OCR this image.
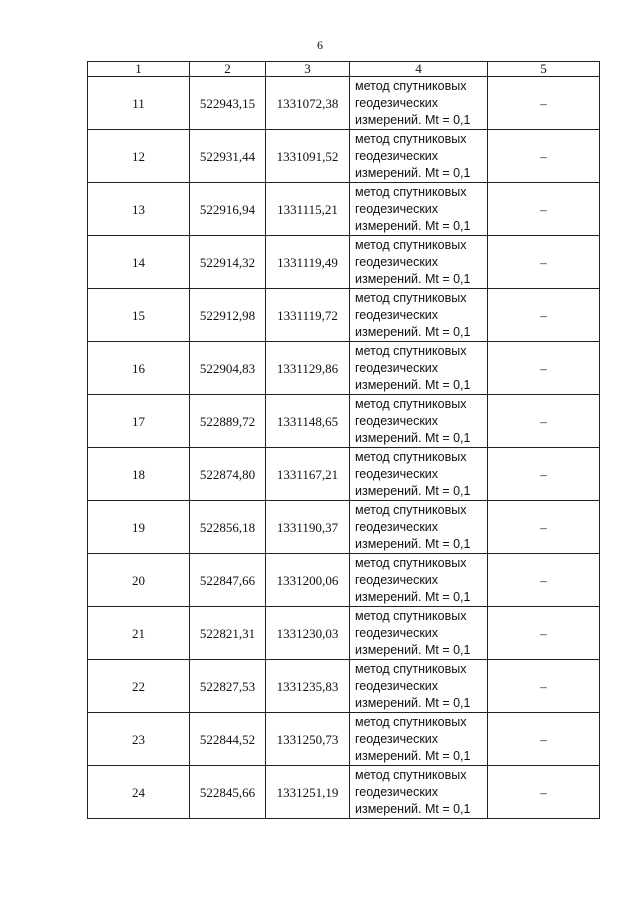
6
1	2	3	4	5
11	522943,15	1331072,38	метод спутниковых
геодезических
измерений. Mt = 0,1	–
12	522931,44	1331091,52	метод спутниковых
геодезических
измерений. Mt = 0,1	–
13	522916,94	1331115,21	метод спутниковых
геодезических
измерений. Mt = 0,1	–
14	522914,32	1331119,49	метод спутниковых
геодезических
измерений. Mt = 0,1	–
15	522912,98	1331119,72	метод спутниковых
геодезических
измерений. Mt = 0,1	–
16	522904,83	1331129,86	метод спутниковых
геодезических
измерений. Mt = 0,1	–
17	522889,72	1331148,65	метод спутниковых
геодезических
измерений. Mt = 0,1	–
18	522874,80	1331167,21	метод спутниковых
геодезических
измерений. Mt = 0,1	–
19	522856,18	1331190,37	метод спутниковых
геодезических
измерений. Mt = 0,1	–
20	522847,66	1331200,06	метод спутниковых
геодезических
измерений. Mt = 0,1	–
21	522821,31	1331230,03	метод спутниковых
геодезических
измерений. Mt = 0,1	–
22	522827,53	1331235,83	метод спутниковых
геодезических
измерений. Mt = 0,1	–
23	522844,52	1331250,73	метод спутниковых
геодезических
измерений. Mt = 0,1	–
24	522845,66	1331251,19	метод спутниковых
геодезических
измерений. Mt = 0,1	–
